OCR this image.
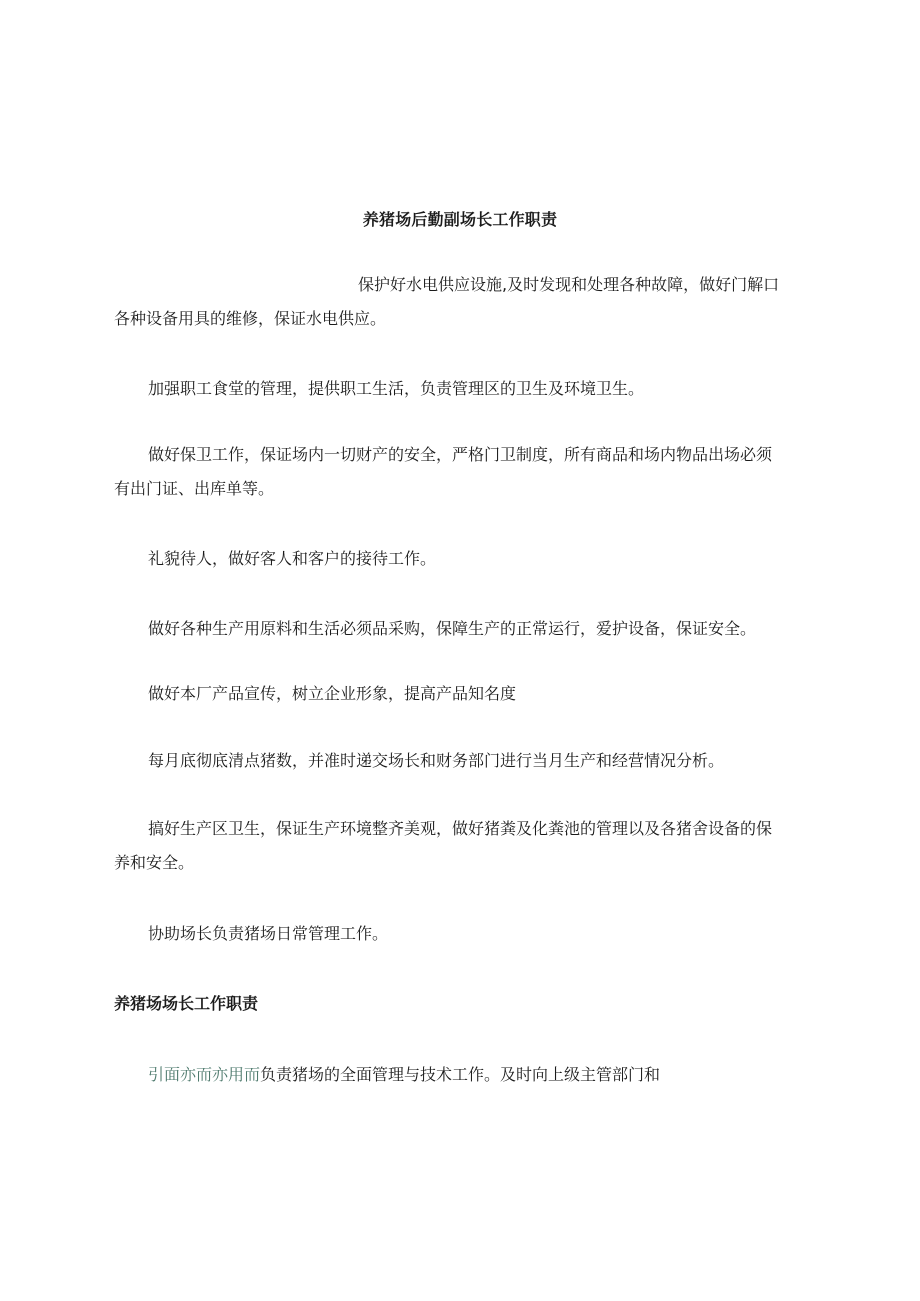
养猪场后勤副场长工作职责
保护好水电供应设施,及时发现和处理各种故障，做好门解口
各种设备用具的维修，保证水电供应。
加强职工食堂的管理，提供职工生活，负责管理区的卫生及环境卫生。
做好保卫工作，保证场内一切财产的安全，严格门卫制度，所有商品和场内物品出场必须
有出门证、出库单等。
礼貌待人，做好客人和客户的接待工作。
做好各种生产用原料和生活必须品采购，保障生产的正常运行，爱护设备，保证安全。
做好本厂产品宣传，树立企业形象，提高产品知名度
每月底彻底清点猪数，并准时递交场长和财务部门进行当月生产和经营情况分析。
搞好生产区卫生，保证生产环境整齐美观，做好猪粪及化粪池的管理以及各猪舍设备的保
养和安全。
协助场长负责猪场日常管理工作。
养猪场场长工作职责
引面亦而亦用而负责猪场的全面管理与技术工作。及时向上级主管部门和
